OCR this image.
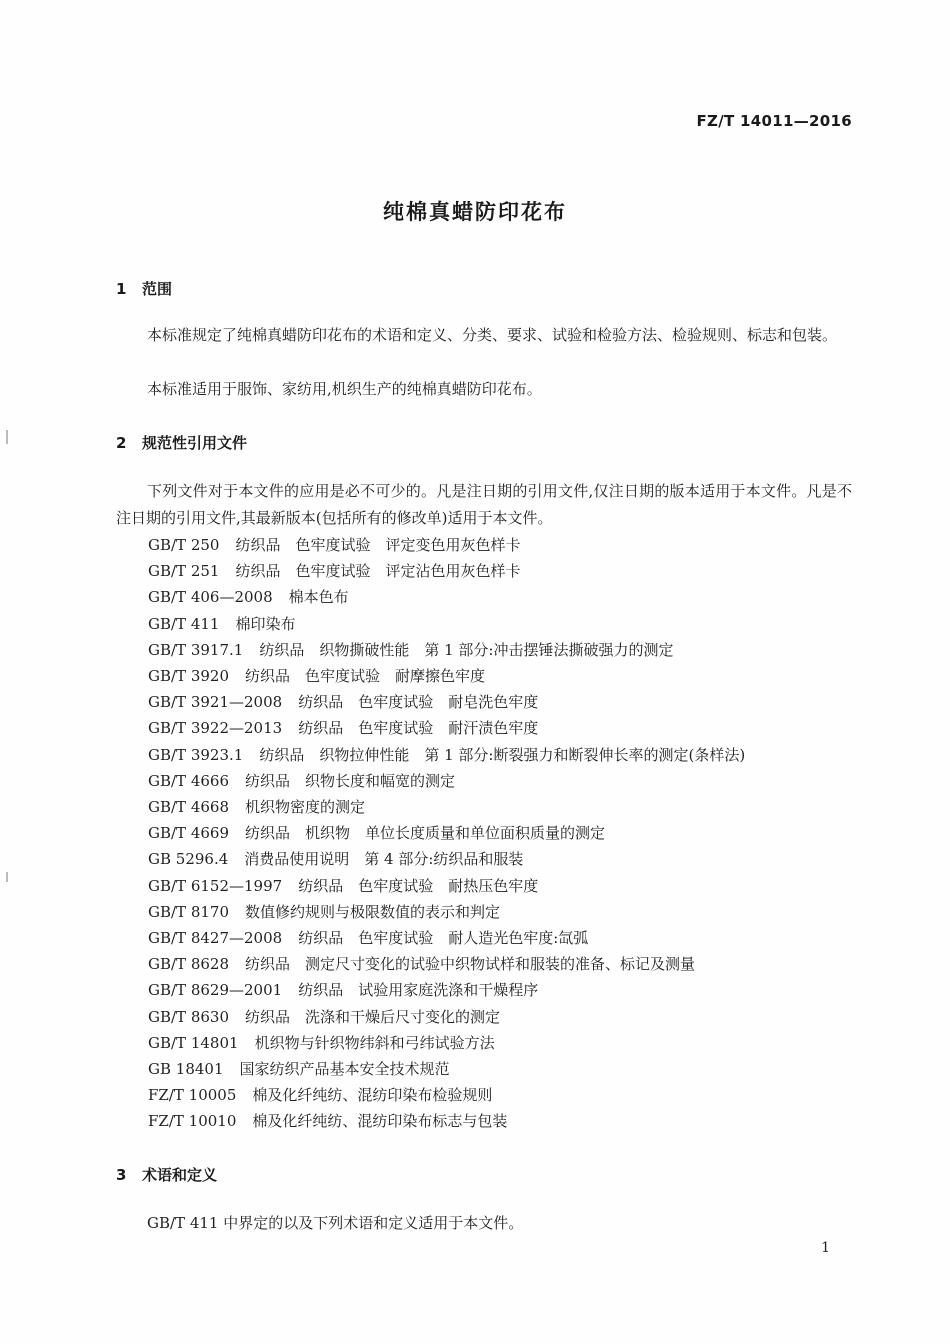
FZ/T 14011—2016
纯棉真蜡防印花布
1 范围
本标准规定了纯棉真蜡防印花布的术语和定义、分类、要求、试验和检验方法、检验规则、标志和包装。
本标准适用于服饰、家纺用,机织生产的纯棉真蜡防印花布。
2 规范性引用文件
下列文件对于本文件的应用是必不可少的。凡是注日期的引用文件,仅注日期的版本适用于本文件。凡是不注日期的引用文件,其最新版本(包括所有的修改单)适用于本文件。
GB/T 250 纺织品　色牢度试验　评定变色用灰色样卡
GB/T 251 纺织品　色牢度试验　评定沾色用灰色样卡
GB/T 406—2008 棉本色布
GB/T 411 棉印染布
GB/T 3917.1 纺织品　织物撕破性能　第 1 部分:冲击摆锤法撕破强力的测定
GB/T 3920 纺织品　色牢度试验　耐摩擦色牢度
GB/T 3921—2008 纺织品　色牢度试验　耐皂洗色牢度
GB/T 3922—2013 纺织品　色牢度试验　耐汗渍色牢度
GB/T 3923.1 纺织品　织物拉伸性能　第 1 部分:断裂强力和断裂伸长率的测定(条样法)
GB/T 4666 纺织品　织物长度和幅宽的测定
GB/T 4668 机织物密度的测定
GB/T 4669 纺织品　机织物　单位长度质量和单位面积质量的测定
GB 5296.4 消费品使用说明　第 4 部分:纺织品和服装
GB/T 6152—1997 纺织品　色牢度试验　耐热压色牢度
GB/T 8170 数值修约规则与极限数值的表示和判定
GB/T 8427—2008 纺织品　色牢度试验　耐人造光色牢度:氙弧
GB/T 8628 纺织品　测定尺寸变化的试验中织物试样和服装的准备、标记及测量
GB/T 8629—2001 纺织品　试验用家庭洗涤和干燥程序
GB/T 8630 纺织品　洗涤和干燥后尺寸变化的测定
GB/T 14801 机织物与针织物纬斜和弓纬试验方法
GB 18401 国家纺织产品基本安全技术规范
FZ/T 10005 棉及化纤纯纺、混纺印染布检验规则
FZ/T 10010 棉及化纤纯纺、混纺印染布标志与包装
3 术语和定义
GB/T 411 中界定的以及下列术语和定义适用于本文件。
1
